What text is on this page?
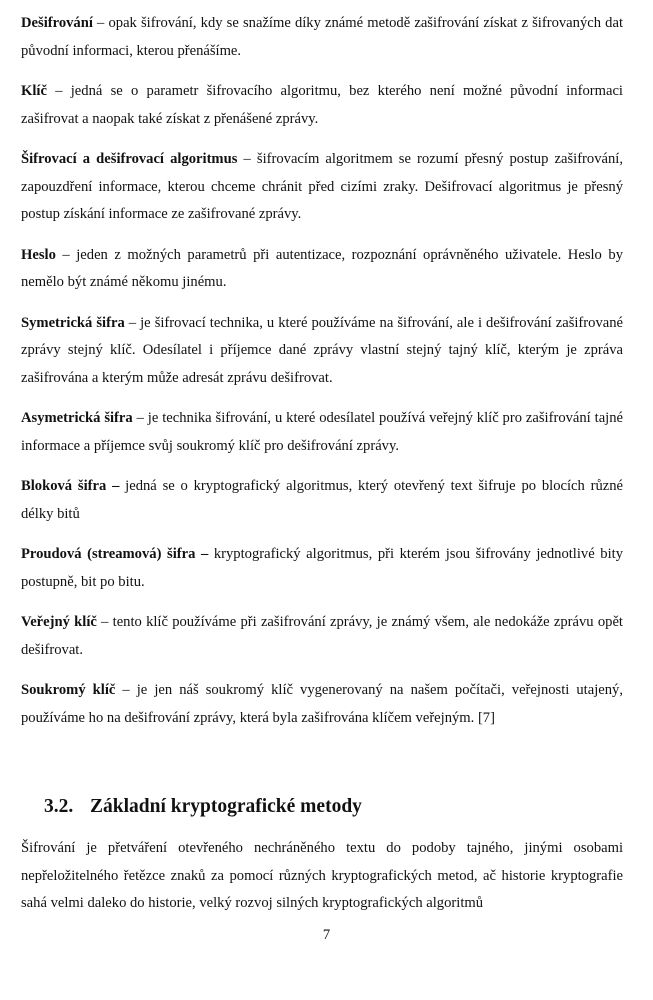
Dešifrování – opak šifrování, kdy se snažíme díky známé metodě zašifrování získat z šifrovaných dat původní informaci, kterou přenášíme.

Klíč – jedná se o parametr šifrovacího algoritmu, bez kterého není možné původní informaci zašifrovat a naopak také získat z přenášené zprávy.

Šifrovací a dešifrovací algoritmus – šifrovacím algoritmem se rozumí přesný postup zašifrování, zapouzdření informace, kterou chceme chránit před cizími zraky. Dešifrovací algoritmus je přesný postup získání informace ze zašifrované zprávy.

Heslo – jeden z možných parametrů při autentizace, rozpoznání oprávněného uživatele. Heslo by nemělo být známé někomu jinému.

Symetrická šifra – je šifrovací technika, u které používáme na šifrování, ale i dešifrování zašifrované zprávy stejný klíč. Odesílatel i příjemce dané zprávy vlastní stejný tajný klíč, kterým je zpráva zašifrována a kterým může adresát zprávu dešifrovat.

Asymetrická šifra – je technika šifrování, u které odesílatel používá veřejný klíč pro zašifrování tajné informace a příjemce svůj soukromý klíč pro dešifrování zprávy.

Bloková šifra – jedná se o kryptografický algoritmus, který otevřený text šifruje po blocích různé délky bitů

Proudová (streamová) šifra – kryptografický algoritmus, při kterém jsou šifrovány jednotlivé bity postupně, bit po bitu.

Veřejný klíč – tento klíč používáme při zašifrování zprávy, je známý všem, ale nedokáže zprávu opět dešifrovat.

Soukromý klíč – je jen náš soukromý klíč vygenerovaný na našem počítači, veřejnosti utajený, používáme ho na dešifrování zprávy, která byla zašifrována klíčem veřejným. [7]

3.2. Základní kryptografické metody

Šifrování je přetváření otevřeného nechráněného textu do podoby tajného, jinými osobami nepřeložitelného řetězce znaků za pomocí různých kryptografických metod, ač historie kryptografie sahá velmi daleko do historie, velký rozvoj silných kryptografických algoritmů

7
